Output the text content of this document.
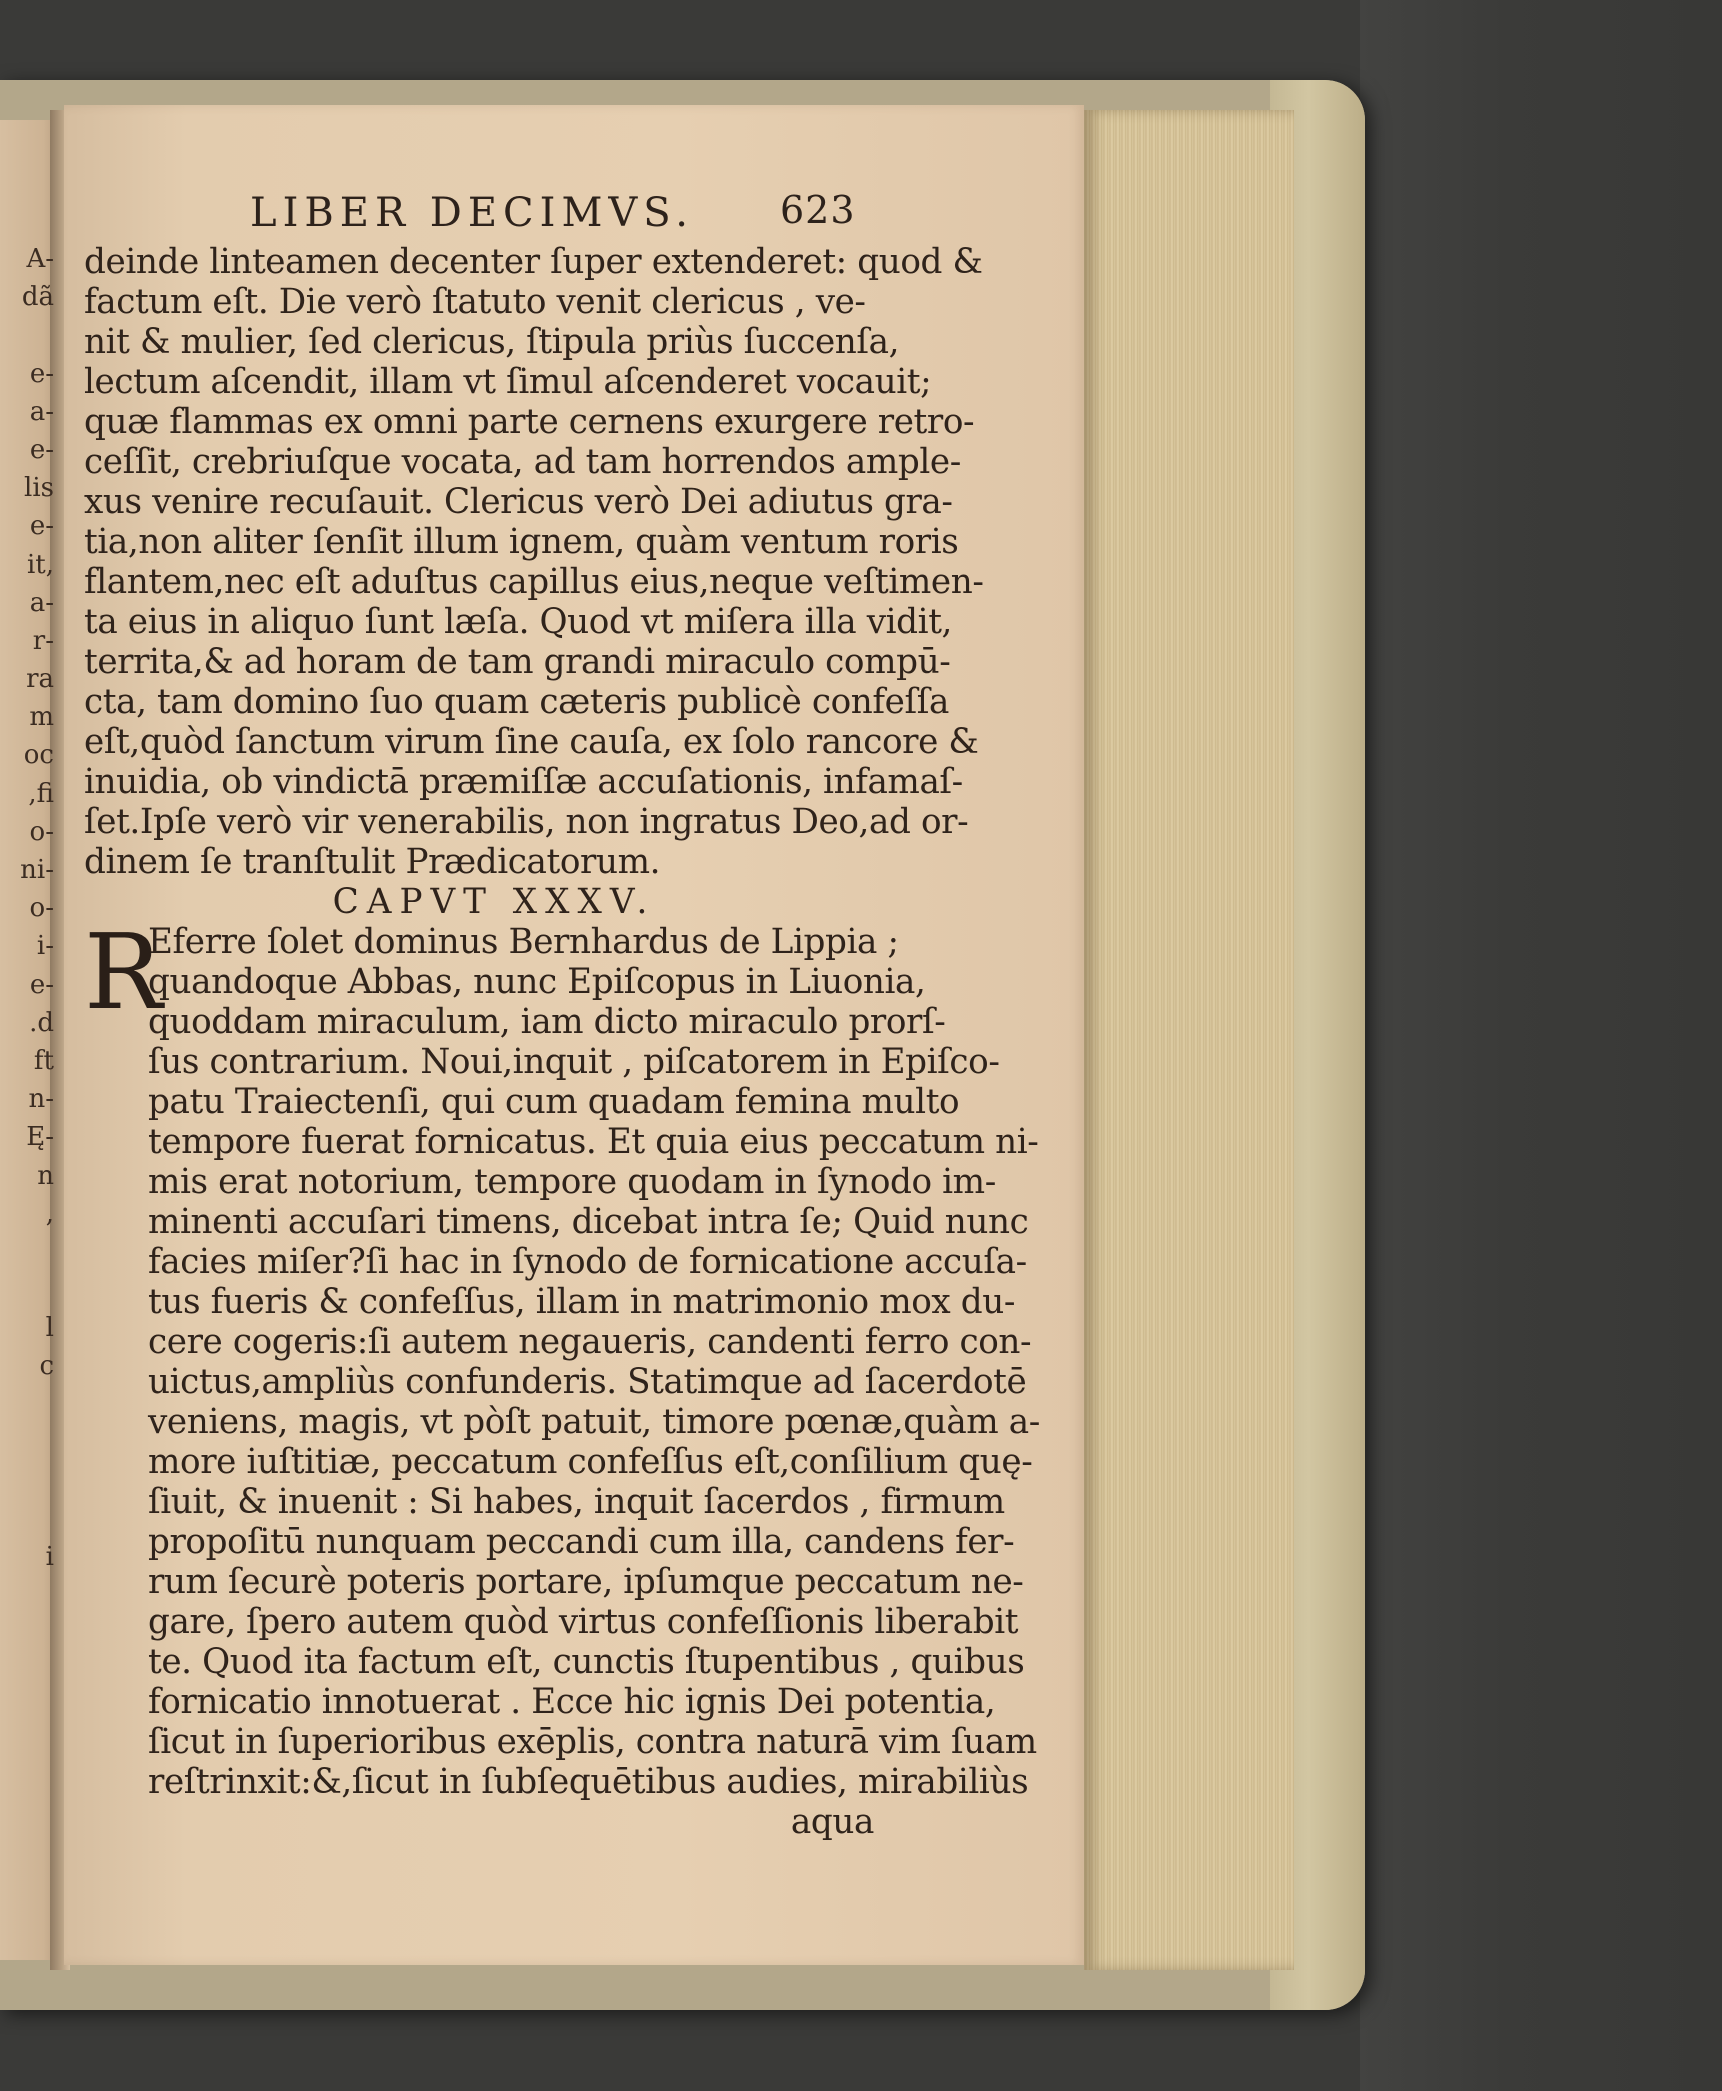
A-
dã
e-
a-
e-
lis
e-
it,
a-
r-
ra
m
oc
,fi
o-
ni-
o-
i-
e-
.d
ft
n-
Ę-
n
,
l
c
i
LIBER DECIMVS.	623
deinde linteamen decenter ſuper extenderet: quod &
factum eſt. Die verò ſtatuto venit clericus , ve-
nit & mulier, ſed clericus, ſtipula priùs ſuccenſa,
lectum aſcendit, illam vt ſimul aſcenderet vocauit;
quæ flammas ex omni parte cernens exurgere retro-
ceſſit, crebriuſque vocata, ad tam horrendos ample-
xus venire recuſauit. Clericus verò Dei adiutus gra-
tia,non aliter ſenſit illum ignem, quàm ventum roris
flantem,nec eſt aduſtus capillus eius,neque veſtimen-
ta eius in aliquo ſunt læſa. Quod vt miſera illa vidit,
territa,& ad horam de tam grandi miraculo compū-
cta, tam domino ſuo quam cæteris publicè confeſſa
eſt,quòd ſanctum virum ſine cauſa, ex ſolo rancore &
inuidia, ob vindictā præmiſſæ accuſationis, infamaſ-
ſet.Ipſe verò vir venerabilis, non ingratus Deo,ad or-
dinem ſe tranſtulit Prædicatorum.
CAPVT XXXV.
R
Eferre ſolet dominus Bernhardus de Lippia ;
quandoque Abbas, nunc Epiſcopus in Liuonia,
quoddam miraculum, iam dicto miraculo prorſ-
ſus contrarium. Noui,inquit , piſcatorem in Epiſco-
patu Traiectenſi, qui cum quadam femina multo
tempore fuerat fornicatus. Et quia eius peccatum ni-
mis erat notorium, tempore quodam in ſynodo im-
minenti accuſari timens, dicebat intra ſe; Quid nunc
facies miſer?ſi hac in ſynodo de fornicatione accuſa-
tus fueris & confeſſus, illam in matrimonio mox du-
cere cogeris:ſi autem negaueris, candenti ferro con-
uictus,ampliùs confunderis. Statimque ad ſacerdotē
veniens, magis, vt pòſt patuit, timore pœnæ,quàm a-
more iuſtitiæ, peccatum confeſſus eſt,conſilium quę-
ſiuit, & inuenit : Si habes, inquit ſacerdos , firmum
propoſitū nunquam peccandi cum illa, candens fer-
rum ſecurè poteris portare, ipſumque peccatum ne-
gare, ſpero autem quòd virtus confeſſionis liberabit
te. Quod ita factum eſt, cunctis ſtupentibus , quibus
fornicatio innotuerat . Ecce hic ignis Dei potentia,
ſicut in ſuperioribus exēplis, contra naturā vim ſuam
reſtrinxit:&,ſicut in ſubſequētibus audies, mirabiliùs
aqua
